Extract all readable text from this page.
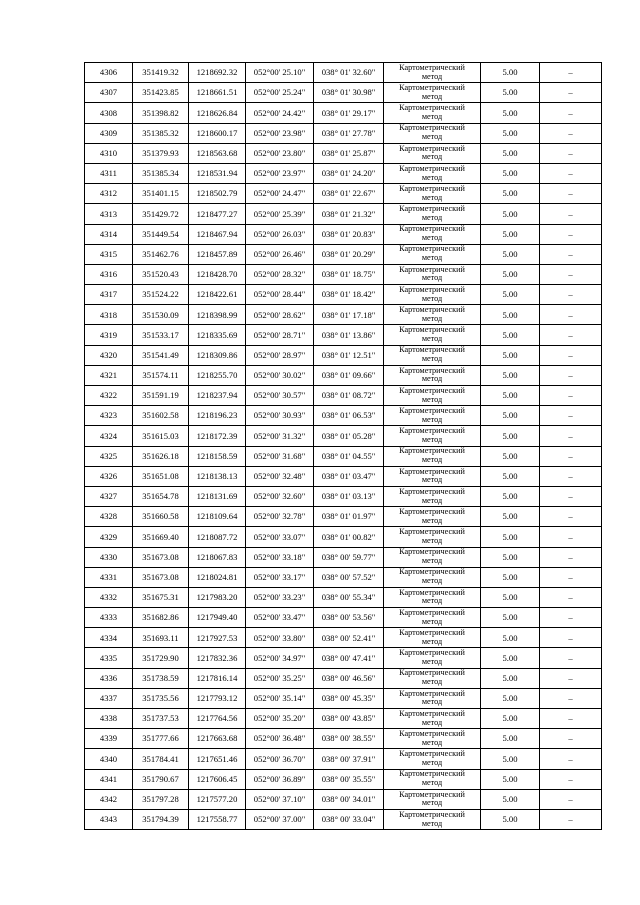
4306	351419.32	1218692.32	052°00' 25.10"	038° 01' 32.60"	Картометрический
метод	5.00	–
4307	351423.85	1218661.51	052°00' 25.24"	038° 01' 30.98"	Картометрический
метод	5.00	–
4308	351398.82	1218626.84	052°00' 24.42"	038° 01' 29.17"	Картометрический
метод	5.00	–
4309	351385.32	1218600.17	052°00' 23.98"	038° 01' 27.78"	Картометрический
метод	5.00	–
4310	351379.93	1218563.68	052°00' 23.80"	038° 01' 25.87"	Картометрический
метод	5.00	–
4311	351385.34	1218531.94	052°00' 23.97"	038° 01' 24.20"	Картометрический
метод	5.00	–
4312	351401.15	1218502.79	052°00' 24.47"	038° 01' 22.67"	Картометрический
метод	5.00	–
4313	351429.72	1218477.27	052°00' 25.39"	038° 01' 21.32"	Картометрический
метод	5.00	–
4314	351449.54	1218467.94	052°00' 26.03"	038° 01' 20.83"	Картометрический
метод	5.00	–
4315	351462.76	1218457.89	052°00' 26.46"	038° 01' 20.29"	Картометрический
метод	5.00	–
4316	351520.43	1218428.70	052°00' 28.32"	038° 01' 18.75"	Картометрический
метод	5.00	–
4317	351524.22	1218422.61	052°00' 28.44"	038° 01' 18.42"	Картометрический
метод	5.00	–
4318	351530.09	1218398.99	052°00' 28.62"	038° 01' 17.18"	Картометрический
метод	5.00	–
4319	351533.17	1218335.69	052°00' 28.71"	038° 01' 13.86"	Картометрический
метод	5.00	–
4320	351541.49	1218309.86	052°00' 28.97"	038° 01' 12.51"	Картометрический
метод	5.00	–
4321	351574.11	1218255.70	052°00' 30.02"	038° 01' 09.66"	Картометрический
метод	5.00	–
4322	351591.19	1218237.94	052°00' 30.57"	038° 01' 08.72"	Картометрический
метод	5.00	–
4323	351602.58	1218196.23	052°00' 30.93"	038° 01' 06.53"	Картометрический
метод	5.00	–
4324	351615.03	1218172.39	052°00' 31.32"	038° 01' 05.28"	Картометрический
метод	5.00	–
4325	351626.18	1218158.59	052°00' 31.68"	038° 01' 04.55"	Картометрический
метод	5.00	–
4326	351651.08	1218138.13	052°00' 32.48"	038° 01' 03.47"	Картометрический
метод	5.00	–
4327	351654.78	1218131.69	052°00' 32.60"	038° 01' 03.13"	Картометрический
метод	5.00	–
4328	351660.58	1218109.64	052°00' 32.78"	038° 01' 01.97"	Картометрический
метод	5.00	–
4329	351669.40	1218087.72	052°00' 33.07"	038° 01' 00.82"	Картометрический
метод	5.00	–
4330	351673.08	1218067.83	052°00' 33.18"	038° 00' 59.77"	Картометрический
метод	5.00	–
4331	351673.08	1218024.81	052°00' 33.17"	038° 00' 57.52"	Картометрический
метод	5.00	–
4332	351675.31	1217983.20	052°00' 33.23"	038° 00' 55.34"	Картометрический
метод	5.00	–
4333	351682.86	1217949.40	052°00' 33.47"	038° 00' 53.56"	Картометрический
метод	5.00	–
4334	351693.11	1217927.53	052°00' 33.80"	038° 00' 52.41"	Картометрический
метод	5.00	–
4335	351729.90	1217832.36	052°00' 34.97"	038° 00' 47.41"	Картометрический
метод	5.00	–
4336	351738.59	1217816.14	052°00' 35.25"	038° 00' 46.56"	Картометрический
метод	5.00	–
4337	351735.56	1217793.12	052°00' 35.14"	038° 00' 45.35"	Картометрический
метод	5.00	–
4338	351737.53	1217764.56	052°00' 35.20"	038° 00' 43.85"	Картометрический
метод	5.00	–
4339	351777.66	1217663.68	052°00' 36.48"	038° 00' 38.55"	Картометрический
метод	5.00	–
4340	351784.41	1217651.46	052°00' 36.70"	038° 00' 37.91"	Картометрический
метод	5.00	–
4341	351790.67	1217606.45	052°00' 36.89"	038° 00' 35.55"	Картометрический
метод	5.00	–
4342	351797.28	1217577.20	052°00' 37.10"	038° 00' 34.01"	Картометрический
метод	5.00	–
4343	351794.39	1217558.77	052°00' 37.00"	038° 00' 33.04"	Картометрический
метод	5.00	–
